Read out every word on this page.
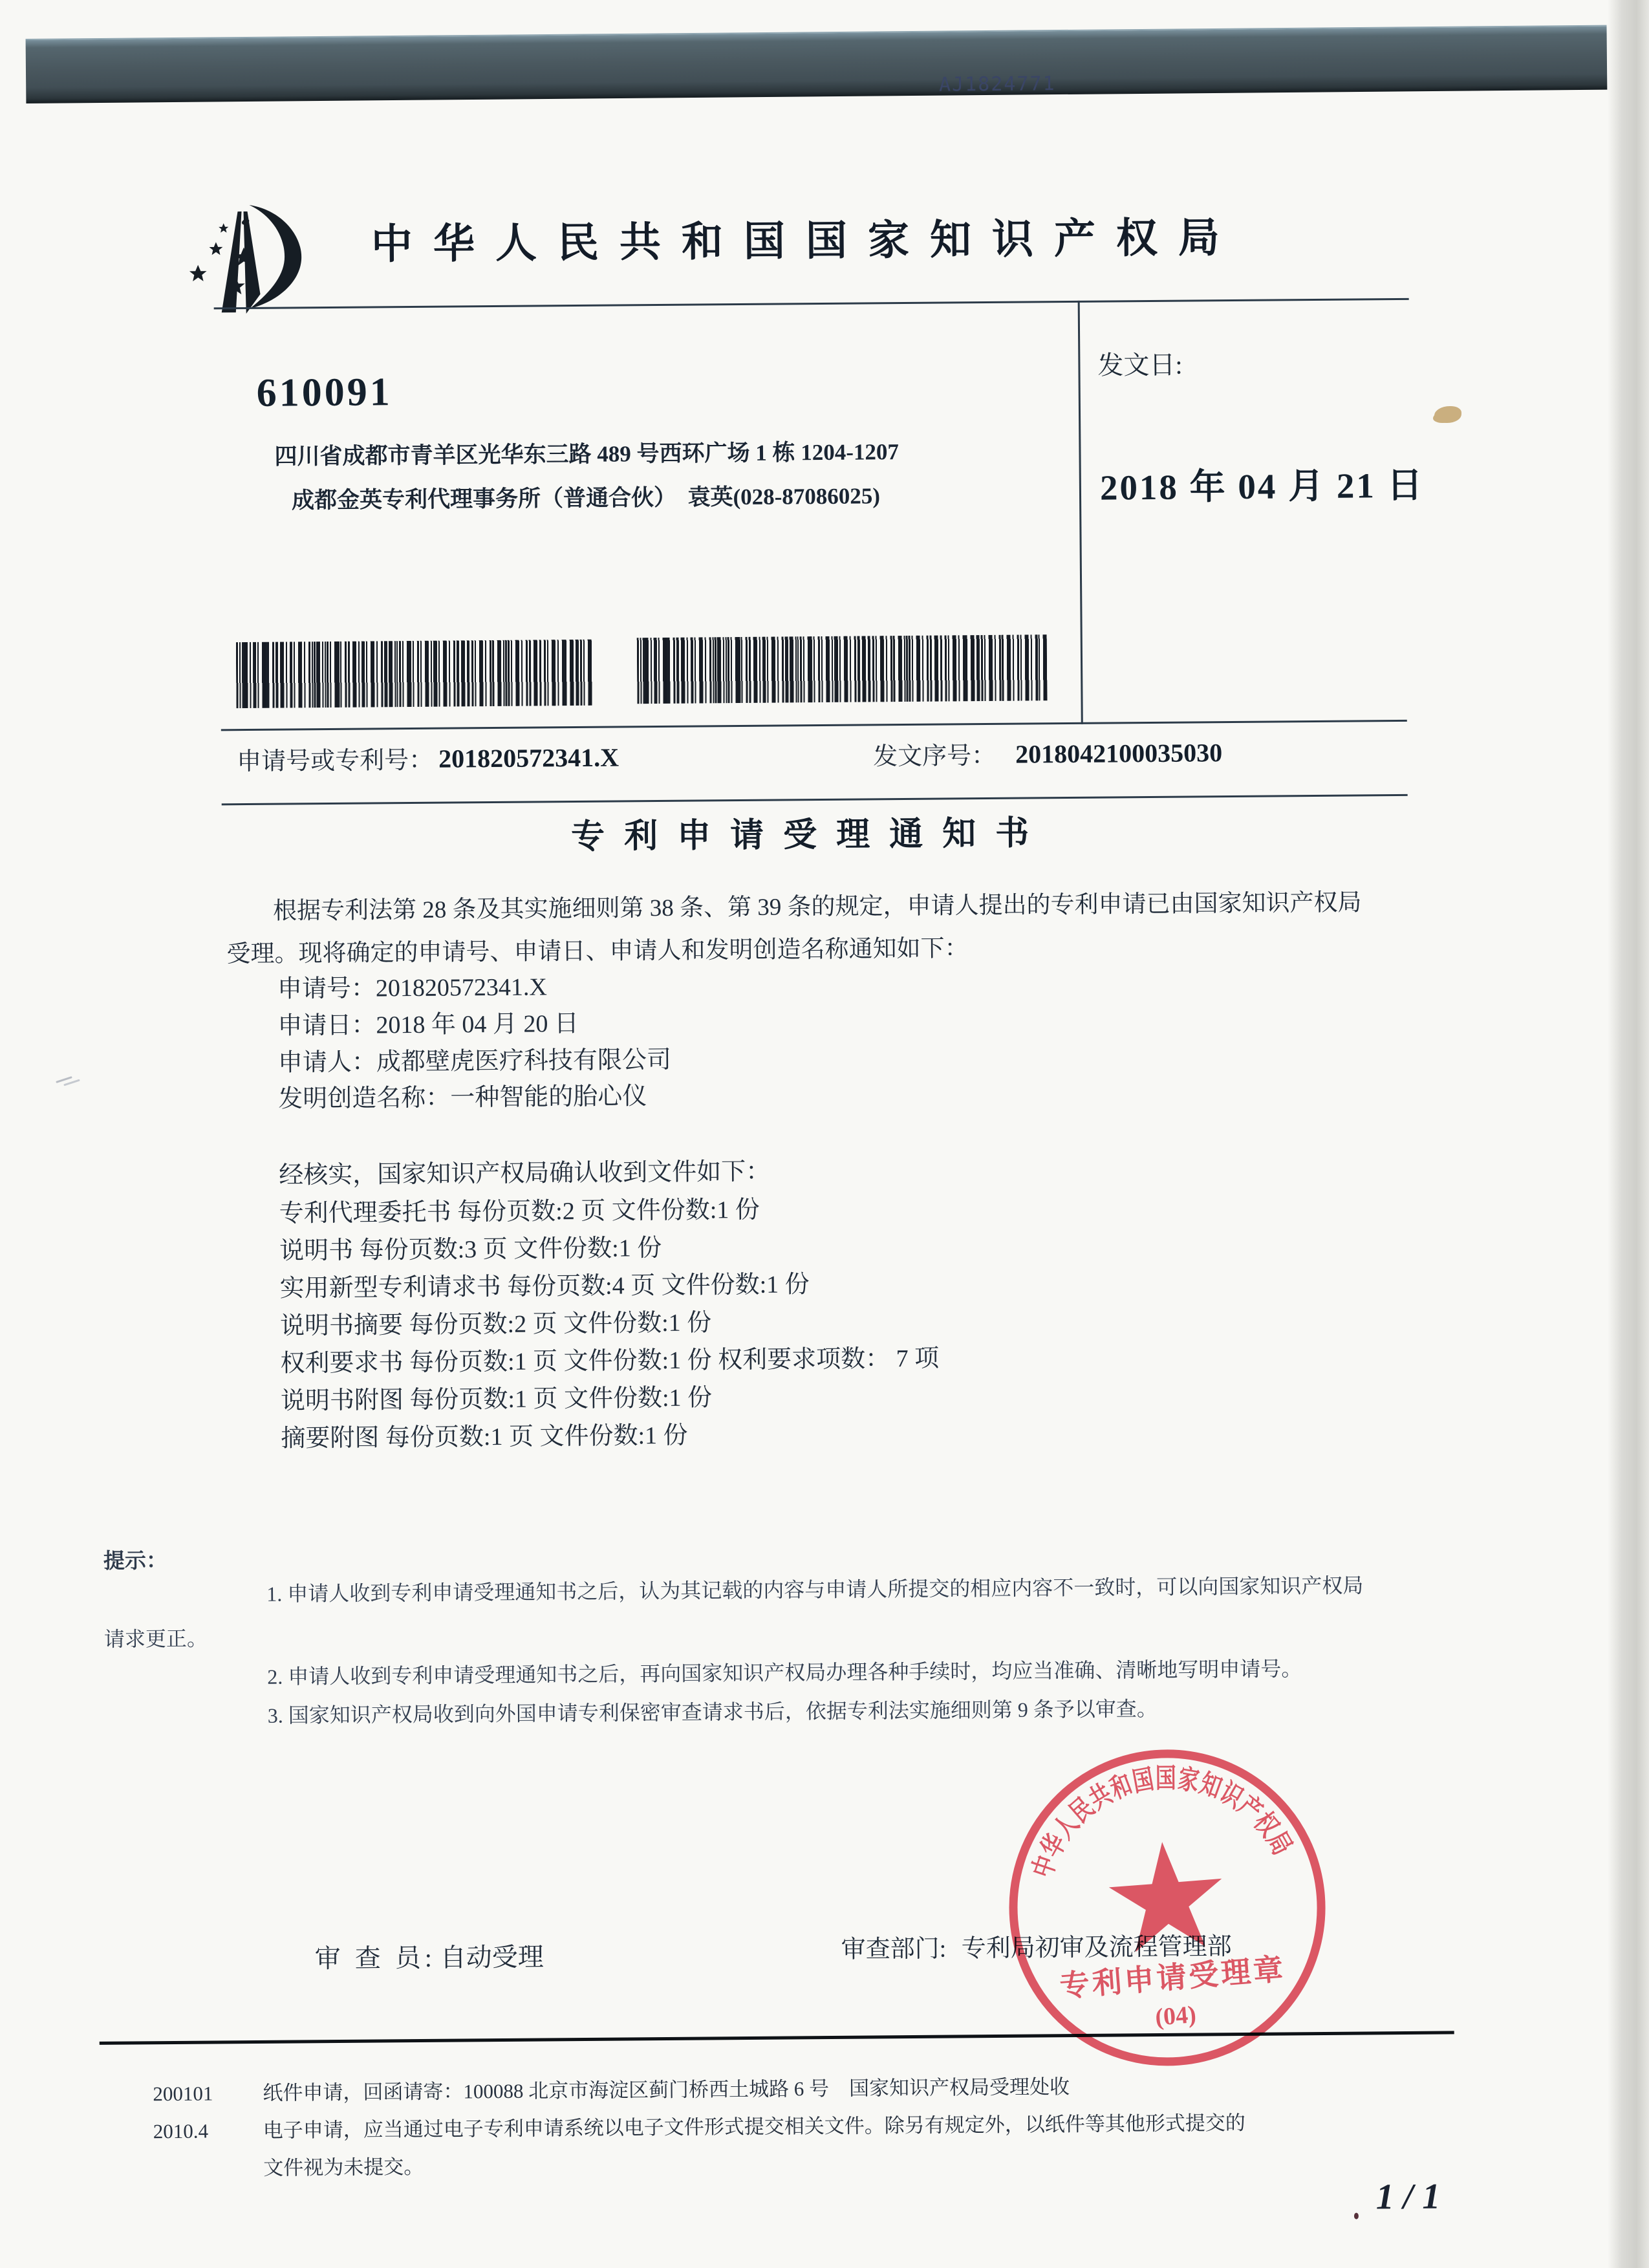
AJ1824771
中华人民共和国国家知识产权局
610091
四川省成都市青羊区光华东三路 489 号西环广场 1 栋 1204-1207
成都金英专利代理事务所（普通合伙）　袁英(028-87086025)
发文日:
2018 年 04 月 21 日
申请号或专利号： 201820572341.X	发文序号： 2018042100035030
专利申请受理通知书
根据专利法第 28 条及其实施细则第 38 条、第 39 条的规定，申请人提出的专利申请已由国家知识产权局
受理。现将确定的申请号、申请日、申请人和发明创造名称通知如下：
申请号：201820572341.X
申请日：2018 年 04 月 20 日
申请人：成都壁虎医疗科技有限公司
发明创造名称：一种智能的胎心仪
经核实，国家知识产权局确认收到文件如下：
专利代理委托书 每份页数:2 页 文件份数:1 份
说明书 每份页数:3 页 文件份数:1 份
实用新型专利请求书 每份页数:4 页 文件份数:1 份
说明书摘要 每份页数:2 页 文件份数:1 份
权利要求书 每份页数:1 页 文件份数:1 份 权利要求项数： 7 项
说明书附图 每份页数:1 页 文件份数:1 份
摘要附图 每份页数:1 页 文件份数:1 份
提示：
1. 申请人收到专利申请受理通知书之后，认为其记载的内容与申请人所提交的相应内容不一致时，可以向国家知识产权局
请求更正。
2. 申请人收到专利申请受理通知书之后，再向国家知识产权局办理各种手续时，均应当准确、清晰地写明申请号。
3. 国家知识产权局收到向外国申请专利保密审查请求书后，依据专利法实施细则第 9 条予以审查。
审 查 员: 自动受理	审查部门: 专利局初审及流程管理部
中华人民共和国国家知识产权局
专利申请受理章
(04)
200101
2010.4
纸件申请，回函请寄：100088 北京市海淀区蓟门桥西土城路 6 号　国家知识产权局受理处收
电子申请，应当通过电子专利申请系统以电子文件形式提交相关文件。除另有规定外，以纸件等其他形式提交的
文件视为未提交。
1 / 1
